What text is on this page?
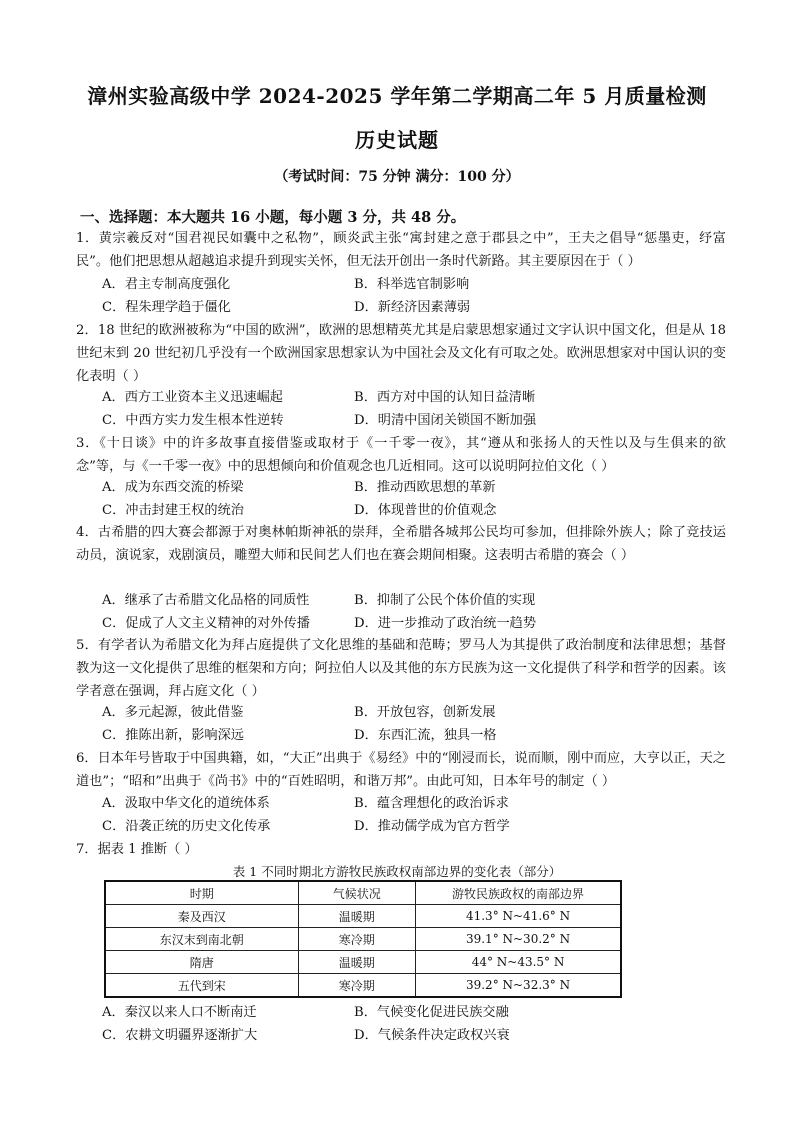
漳州实验高级中学 2024-2025 学年第二学期高二年 5 月质量检测
历史试题
（考试时间：75 分钟 满分：100 分）
一、选择题：本大题共 16 小题，每小题 3 分，共 48 分。
1．黄宗羲反对“国君视民如囊中之私物”，顾炎武主张“寓封建之意于郡县之中”，王夫之倡导“惩墨吏，纾富民”。他们把思想从超越追求提升到现实关怀，但无法开创出一条时代新路。其主要原因在于（ ）
A．君主专制高度强化	B．科举选官制影响
C．程朱理学趋于僵化	D．新经济因素薄弱
2．18 世纪的欧洲被称为“中国的欧洲”，欧洲的思想精英尤其是启蒙思想家通过文字认识中国文化，但是从 18 世纪末到 20 世纪初几乎没有一个欧洲国家思想家认为中国社会及文化有可取之处。欧洲思想家对中国认识的变化表明（ ）
A．西方工业资本主义迅速崛起	B．西方对中国的认知日益清晰
C．中西方实力发生根本性逆转	D．明清中国闭关锁国不断加强
3．《十日谈》中的许多故事直接借鉴或取材于《一千零一夜》，其“遵从和张扬人的天性以及与生俱来的欲念”等，与《一千零一夜》中的思想倾向和价值观念也几近相同。这可以说明阿拉伯文化（ ）
A．成为东西交流的桥梁	B．推动西欧思想的革新
C．冲击封建王权的统治	D．体现普世的价值观念
4．古希腊的四大赛会都源于对奥林帕斯神祇的崇拜，全希腊各城邦公民均可参加，但排除外族人；除了竞技运动员，演说家，戏剧演员，雕塑大师和民间艺人们也在赛会期间相聚。这表明古希腊的赛会（ ）
A．继承了古希腊文化品格的同质性	B．抑制了公民个体价值的实现
C．促成了人文主义精神的对外传播	D．进一步推动了政治统一趋势
5．有学者认为希腊文化为拜占庭提供了文化思维的基础和范畴；罗马人为其提供了政治制度和法律思想；基督教为这一文化提供了思维的框架和方向；阿拉伯人以及其他的东方民族为这一文化提供了科学和哲学的因素。该学者意在强调，拜占庭文化（ ）
A．多元起源，彼此借鉴	B．开放包容，创新发展
C．推陈出新，影响深远	D．东西汇流，独具一格
6．日本年号皆取于中国典籍，如，“大正”出典于《易经》中的“刚浸而长，说而顺，刚中而应，大亨以正，天之道也”；“昭和”出典于《尚书》中的“百姓昭明，和谐万邦”。由此可知，日本年号的制定（ ）
A．汲取中华文化的道统体系	B．蕴含理想化的政治诉求
C．沿袭正统的历史文化传承	D．推动儒学成为官方哲学
7．据表 1 推断（ ）
表 1 不同时期北方游牧民族政权南部边界的变化表（部分）
时期	气候状况	游牧民族政权的南部边界
秦及西汉	温暖期	41.3° N~41.6° N
东汉末到南北朝	寒冷期	39.1° N~30.2° N
隋唐	温暖期	44° N~43.5° N
五代到宋	寒冷期	39.2° N~32.3° N
A．秦汉以来人口不断南迁	B．气候变化促进民族交融
C．农耕文明疆界逐渐扩大	D．气候条件决定政权兴衰
